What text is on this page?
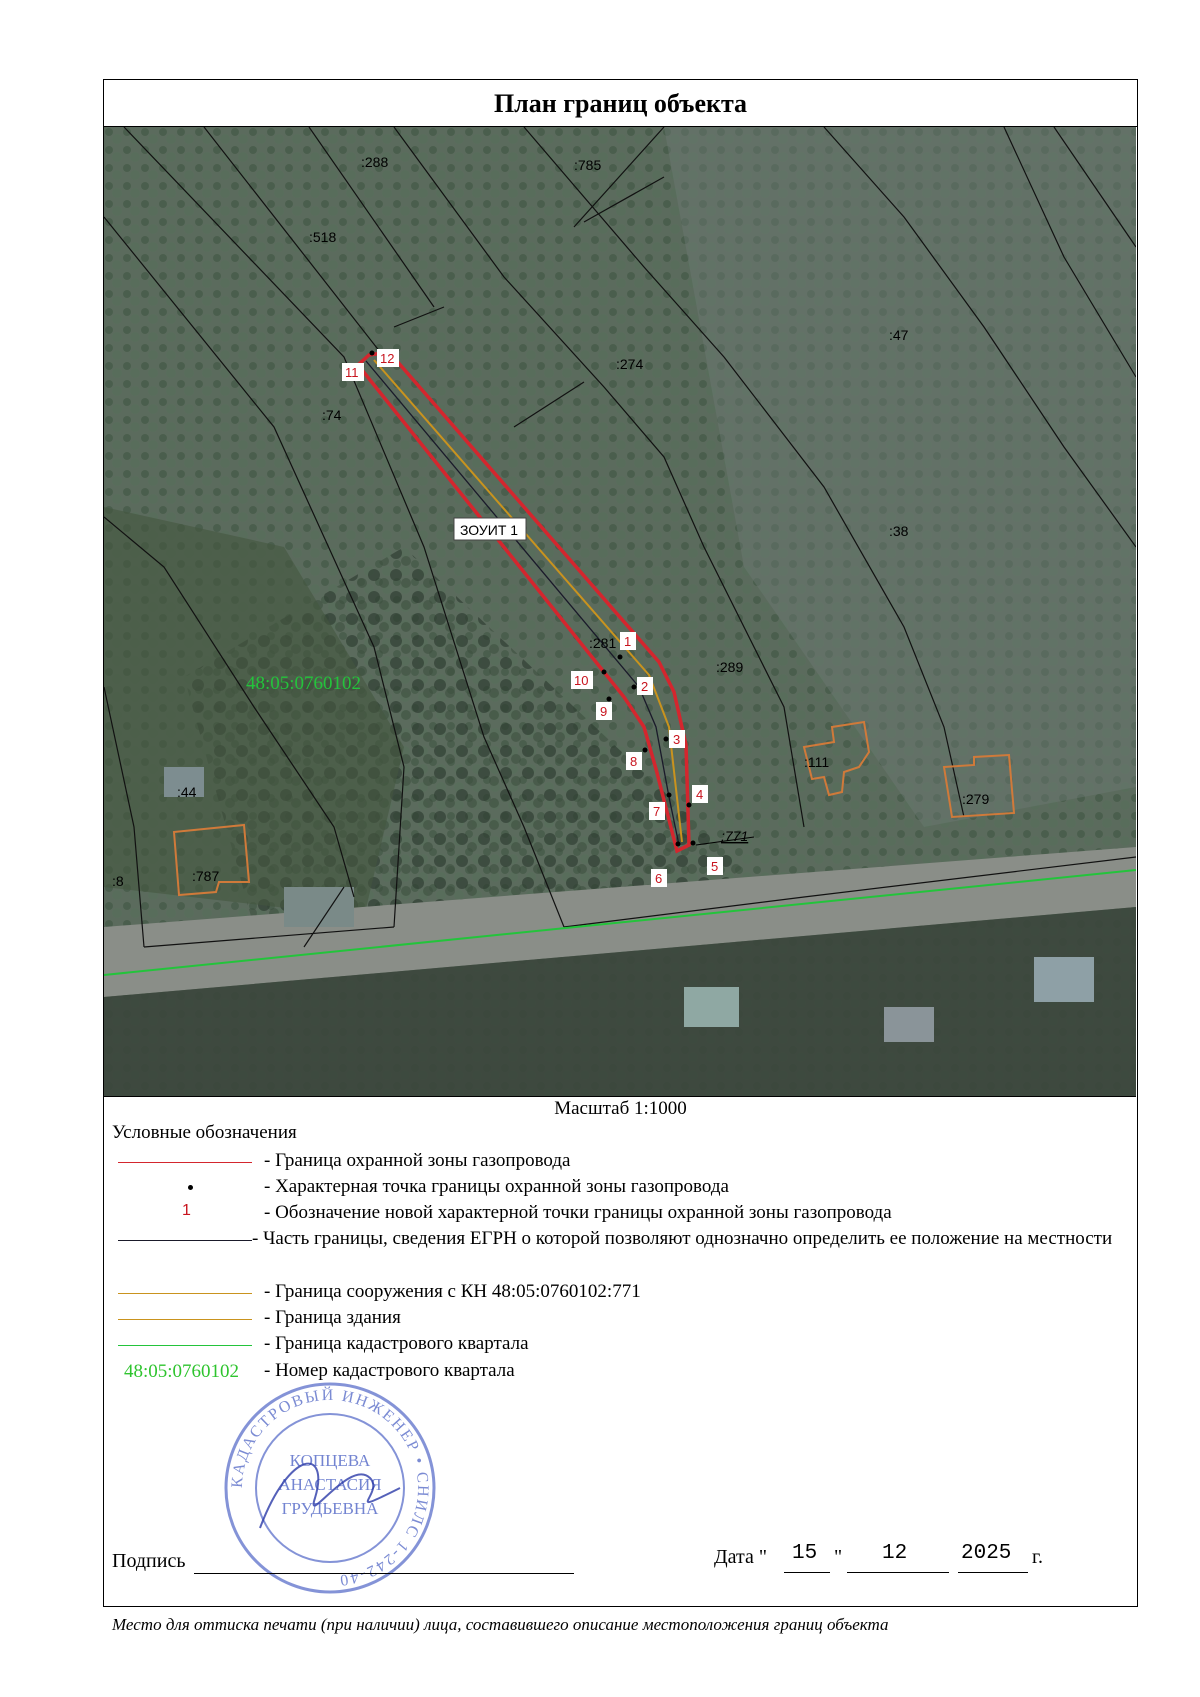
План границ объекта
:288	:785
:518
:274
:47
:74
:38
:281
:289
:111
:279
:44
:787
:8
48:05:0760102
:771
ЗОУИТ 1
1
2
3
4
5
6
7
8
9
10
11
12
Масштаб 1:1000
Условные обозначения
- Граница охранной зоны газопровода
- Характерная точка границы охранной зоны газопровода
1	- Обозначение новой характерной точки границы охранной зоны газопровода
- Часть границы, сведения ЕГРН о которой позволяют однозначно определить ее положение на местности
- Граница сооружения с КН 48:05:0760102:771
- Граница здания
- Граница кадастрового квартала
48:05:0760102 - Номер кадастрового квартала
КАДАСТРОВЫЙ ИНЖЕНЕР • СНИЛС 1-242-40
КОПЦЕВА
АНАСТАСИЯ
ГРУДЬЕВНА
Подпись	Дата " 15 " 12	2025 г.
Место для оттиска печати (при наличии) лица, составившего описание местоположения границ объекта
